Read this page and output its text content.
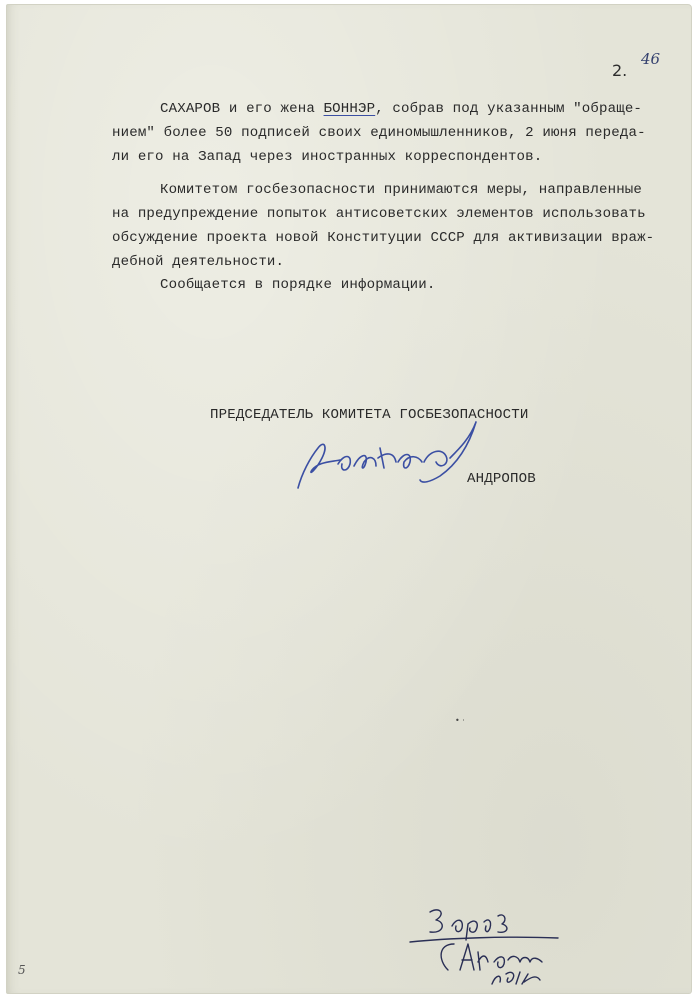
2.
46

САХАРОВ и его жена БОННЭР, собрав под указанным "обраще-

нием" более 50 подписей своих единомышленников, 2 июня переда-

ли его на Запад через иностранных корреспондентов.

Комитетом госбезопасности принимаются меры, направленные

на предупреждение попыток антисоветских элементов использовать

обсуждение проекта новой Конституции СССР для активизации враж-

дебной деятельности.

Сообщается в порядке информации.

ПРЕДСЕДАТЕЛЬ КОМИТЕТА ГОСБЕЗОПАСНОСТИ

АНДРОПОВ

• ·
5
